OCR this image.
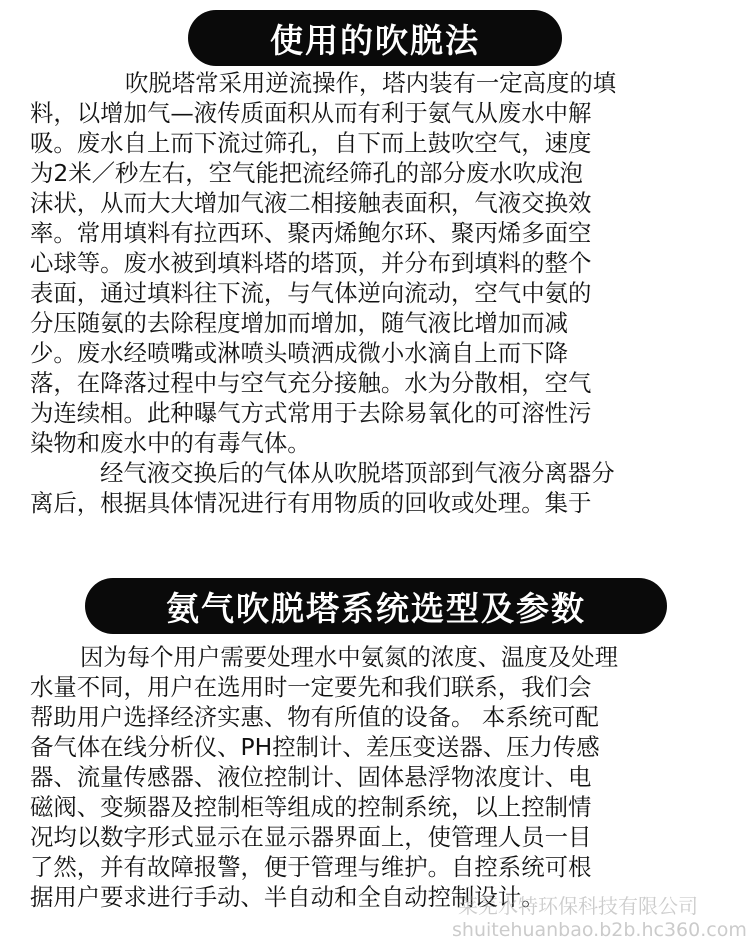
使用的吹脱法
吹脱塔常采用逆流操作，塔内装有一定高度的填
料，以增加气—液传质面积从而有利于氨气从废水中解
吸。废水自上而下流过筛孔，自下而上鼓吹空气，速度
为2米／秒左右，空气能把流经筛孔的部分废水吹成泡
沫状，从而大大增加气液二相接触表面积，气液交换效
率。常用填料有拉西环、聚丙烯鲍尔环、聚丙烯多面空
心球等。废水被到填料塔的塔顶，并分布到填料的整个
表面，通过填料往下流，与气体逆向流动，空气中氨的
分压随氨的去除程度增加而增加，随气液比增加而减
少。废水经喷嘴或淋喷头喷洒成微小水滴自上而下降
落，在降落过程中与空气充分接触。水为分散相，空气
为连续相。此种曝气方式常用于去除易氧化的可溶性污
染物和废水中的有毒气体。
经气液交换后的气体从吹脱塔顶部到气液分离器分
离后，根据具体情况进行有用物质的回收或处理。集于
氨气吹脱塔系统选型及参数
因为每个用户需要处理水中氨氮的浓度、温度及处理
水量不同，用户在选用时一定要先和我们联系，我们会
帮助用户选择经济实惠、物有所值的设备。 本系统可配
备气体在线分析仪、PH控制计、差压变送器、压力传感
器、流量传感器、液位控制计、固体悬浮物浓度计、电
磁阀、变频器及控制柜等组成的控制系统，以上控制情
况均以数字形式显示在显示器界面上，使管理人员一目
了然，并有故障报警，便于管理与维护。自控系统可根
据用户要求进行手动、半自动和全自动控制设计。
莱芜水特环保科技有限公司
shuitehuanbao.b2b.hc360.com
